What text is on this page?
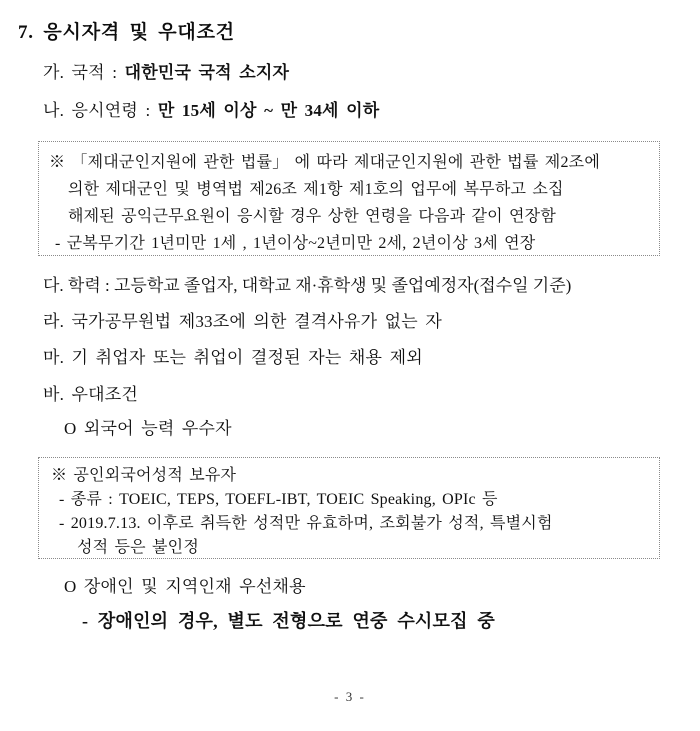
7. 응시자격 및 우대조건
가. 국적 : 대한민국 국적 소지자
나. 응시연령 : 만 15세 이상 ~ 만 34세 이하
※ 「제대군인지원에 관한 법률」 에 따라 제대군인지원에 관한 법률 제2조에
의한 제대군인 및 병역법 제26조 제1항 제1호의 업무에 복무하고 소집
해제된 공익근무요원이 응시할 경우 상한 연령을 다음과 같이 연장함
- 군복무기간 1년미만 1세 , 1년이상~2년미만 2세, 2년이상 3세 연장
다. 학력 : 고등학교 졸업자, 대학교 재·휴학생 및 졸업예정자(접수일 기준)
라. 국가공무원법 제33조에 의한 결격사유가 없는 자
마. 기 취업자 또는 취업이 결정된 자는 채용 제외
바. 우대조건
O 외국어 능력 우수자
※ 공인외국어성적 보유자
- 종류 : TOEIC, TEPS, TOEFL-IBT, TOEIC Speaking, OPIc 등
- 2019.7.13. 이후로 취득한 성적만 유효하며, 조회불가 성적, 특별시험
성적 등은 불인정
O 장애인 및 지역인재 우선채용
- 장애인의 경우, 별도 전형으로 연중 수시모집 중
- 3 -
